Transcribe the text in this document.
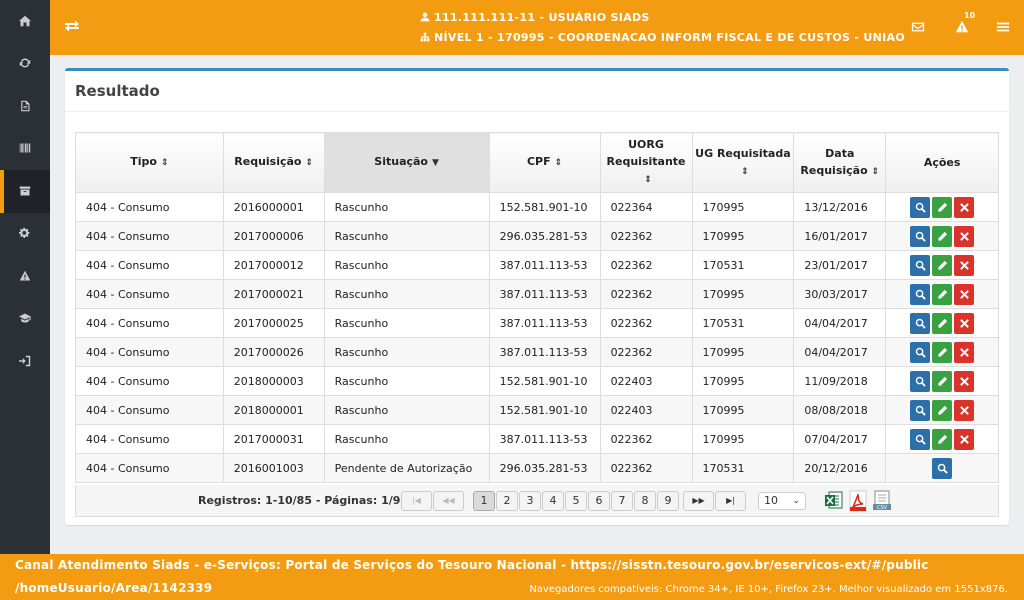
111.111.111-11 - USUÁRIO SIADS
NÍVEL 1 - 170995 - COORDENACAO INFORM FISCAL E DE CUSTOS - UNIAO
10
Resultado
Tipo ⇕	Requisição ⇕	Situação ▼	CPF ⇕	UORG Requisitante⇕	UG Requisitada⇕	Data Requisição ⇕	Ações
404 - Consumo	2016000001	Rascunho	152.581.901-10	022364	170995	13/12/2016	

404 - Consumo	2017000006	Rascunho	296.035.281-53	022362	170995	16/01/2017	

404 - Consumo	2017000012	Rascunho	387.011.113-53	022362	170531	23/01/2017	

404 - Consumo	2017000021	Rascunho	387.011.113-53	022362	170995	30/03/2017	

404 - Consumo	2017000025	Rascunho	387.011.113-53	022362	170531	04/04/2017	

404 - Consumo	2017000026	Rascunho	387.011.113-53	022362	170995	04/04/2017	

404 - Consumo	2018000003	Rascunho	152.581.901-10	022403	170995	11/09/2018	

404 - Consumo	2018000001	Rascunho	152.581.901-10	022403	170995	08/08/2018	

404 - Consumo	2017000031	Rascunho	387.011.113-53	022362	170995	07/04/2017	

404 - Consumo	2016001003	Pendente de Autorização	296.035.281-53	022362	170531	20/12/2016	
Registros: 1-10/85 - Páginas: 1/9	|◀	◀◀	1	2	3	4	5	6	7	8	9	▶▶	▶|	10 ⌄
CSV
Canal Atendimento Siads - e-Serviços: Portal de Serviços do Tesouro Nacional - https://sisstn.tesouro.gov.br/eservicos-ext/#/public
/homeUsuario/Area/1142339	Navegadores compatíveis: Chrome 34+, IE 10+, Firefox 23+. Melhor visualizado em 1551x876.
